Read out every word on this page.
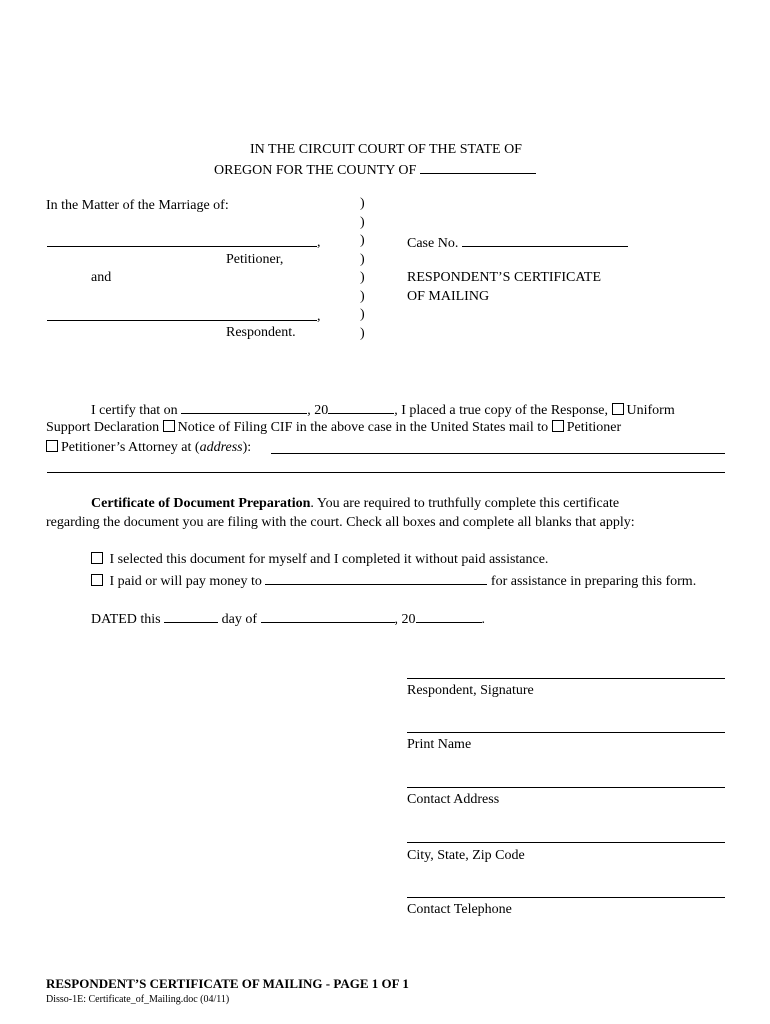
IN THE CIRCUIT COURT OF THE STATE OF
OREGON FOR THE COUNTY OF
In the Matter of the Marriage of:
,
Petitioner,
and
,
Respondent.
)
)
)
)
)
)
)
)
Case No.
RESPONDENT’S CERTIFICATE
OF MAILING
I certify that on	, 20	, I placed a true copy of the Response, Uniform
Support Declaration Notice of Filing CIF in the above case in the United States mail to Petitioner
Petitioner’s Attorney at (address):
Certificate of Document Preparation. You are required to truthfully complete this certificate
regarding the document you are filing with the court. Check all boxes and complete all blanks that apply:
I selected this document for myself and I completed it without paid assistance.
I paid or will pay money to	for assistance in preparing this form.
DATED this	day of	, 20	.
Respondent, Signature
Print Name
Contact Address
City, State, Zip Code
Contact Telephone
RESPONDENT’S CERTIFICATE OF MAILING - PAGE 1 OF 1
Disso-1E: Certificate_of_Mailing.doc (04/11)
